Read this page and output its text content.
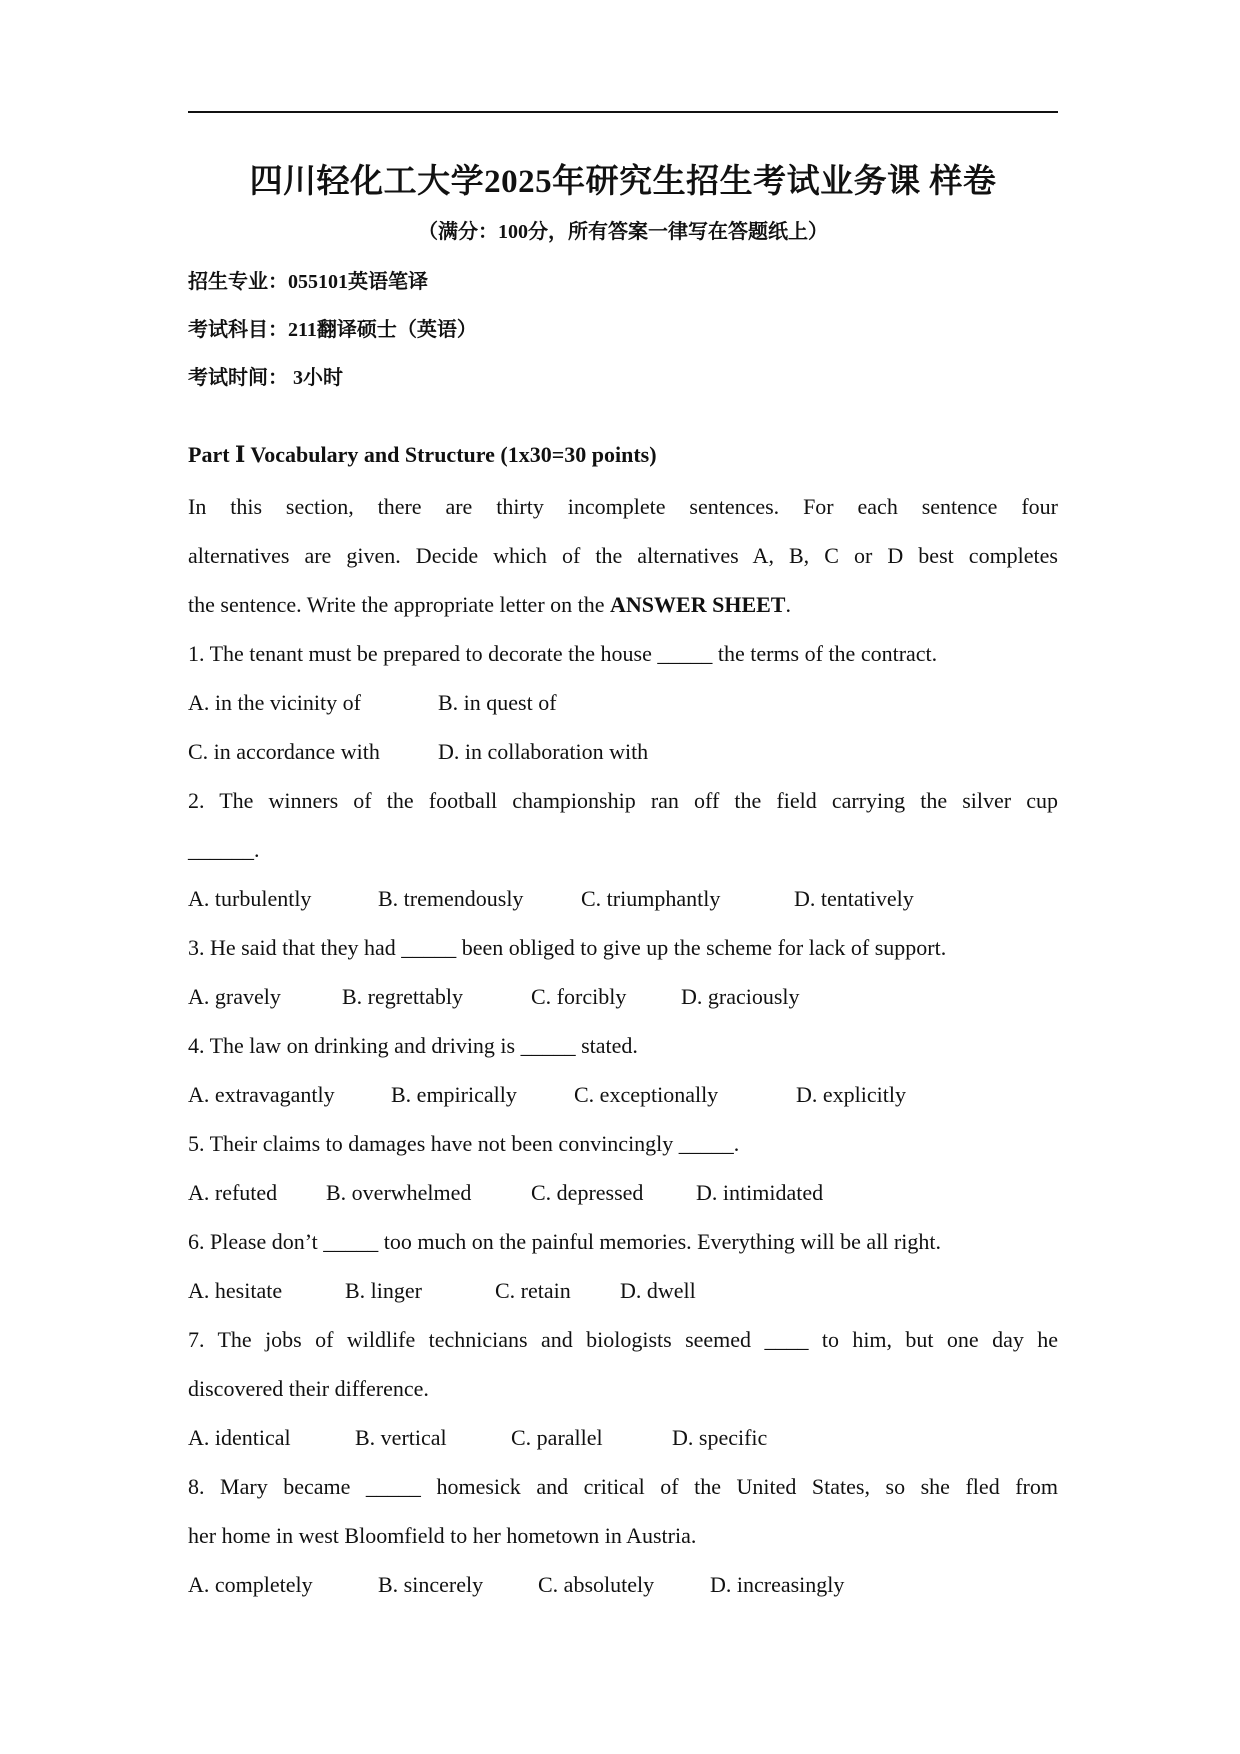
四川轻化工大学2025年研究生招生考试业务课 样卷
（满分：100分，所有答案一律写在答题纸上）
招生专业：055101英语笔译
考试科目：211翻译硕士（英语）
考试时间： 3小时
Part Ⅰ Vocabulary and Structure (1x30=30 points)
In this section, there are thirty incomplete sentences. For each sentence four
alternatives are given. Decide which of the alternatives A, B, C or D best completes
the sentence. Write the appropriate letter on the ANSWER SHEET.
1. The tenant must be prepared to decorate the house _____ the terms of the contract.
A. in the vicinity of	B. in quest of
C. in accordance with	D. in collaboration with
2. The winners of the football championship ran off the field carrying the silver cup
______.
A. turbulently	B. tremendously	C. triumphantly	D. tentatively
3. He said that they had _____ been obliged to give up the scheme for lack of support.
A. gravely	B. regrettably	C. forcibly	D. graciously
4. The law on drinking and driving is _____ stated.
A. extravagantly	B. empirically	C. exceptionally	D. explicitly
5. Their claims to damages have not been convincingly _____.
A. refuted	B. overwhelmed	C. depressed	D. intimidated
6. Please don’t _____ too much on the painful memories. Everything will be all right.
A. hesitate	B. linger	C. retain	D. dwell
7. The jobs of wildlife technicians and biologists seemed ____ to him, but one day he
discovered their difference.
A. identical	B. vertical	C. parallel	D. specific
8. Mary became _____ homesick and critical of the United States, so she fled from
her home in west Bloomfield to her hometown in Austria.
A. completely	B. sincerely	C. absolutely	D. increasingly
